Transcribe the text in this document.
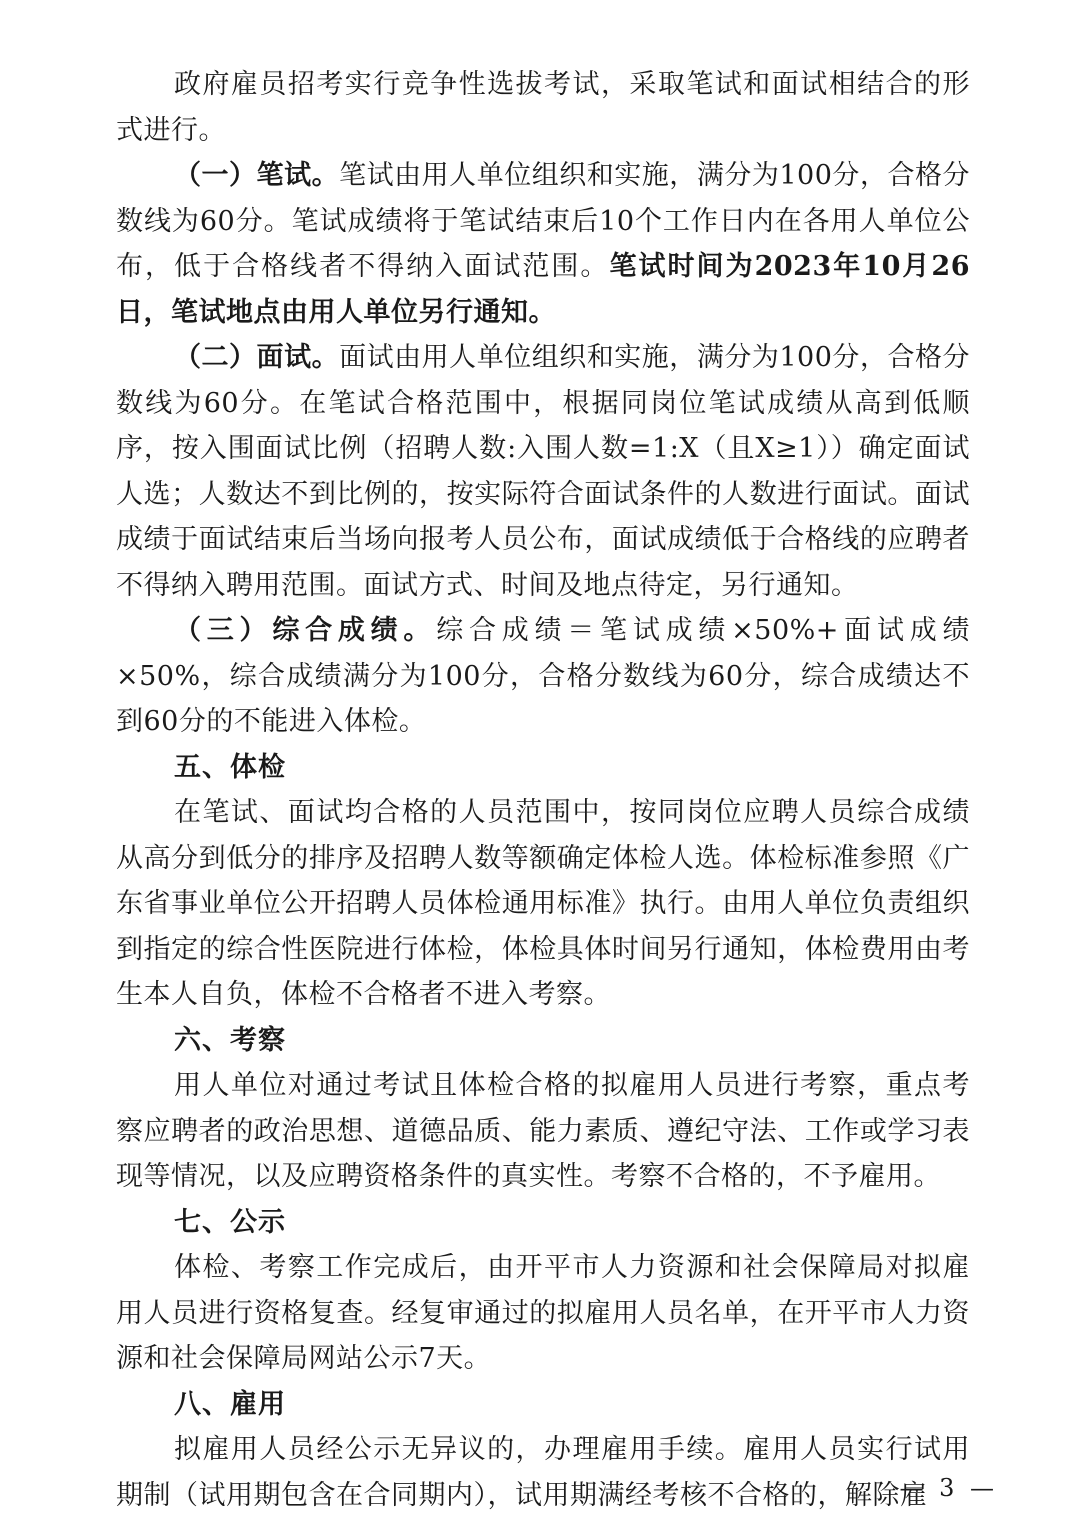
政府雇员招考实行竞争性选拔考试，采取笔试和面试相结合的形式进行。

（一）笔试。笔试由用人单位组织和实施，满分为100分，合格分数线为60分。笔试成绩将于笔试结束后10个工作日内在各用人单位公布，低于合格线者不得纳入面试范围。笔试时间为2023年10月26日，笔试地点由用人单位另行通知。

（二）面试。面试由用人单位组织和实施，满分为100分，合格分数线为60分。在笔试合格范围中，根据同岗位笔试成绩从高到低顺序，按入围面试比例（招聘人数:入围人数=1:X（且X≥1））确定面试人选；人数达不到比例的，按实际符合面试条件的人数进行面试。面试成绩于面试结束后当场向报考人员公布，面试成绩低于合格线的应聘者不得纳入聘用范围。面试方式、时间及地点待定，另行通知。

（三）综合成绩。综合成绩＝笔试成绩×50%+面试成绩×50%，综合成绩满分为100分，合格分数线为60分，综合成绩达不到60分的不能进入体检。

五、体检

在笔试、面试均合格的人员范围中，按同岗位应聘人员综合成绩从高分到低分的排序及招聘人数等额确定体检人选。体检标准参照《广东省事业单位公开招聘人员体检通用标准》执行。由用人单位负责组织到指定的综合性医院进行体检，体检具体时间另行通知，体检费用由考生本人自负，体检不合格者不进入考察。

六、考察

用人单位对通过考试且体检合格的拟雇用人员进行考察，重点考察应聘者的政治思想、道德品质、能力素质、遵纪守法、工作或学习表现等情况，以及应聘资格条件的真实性。考察不合格的，不予雇用。

七、公示

体检、考察工作完成后，由开平市人力资源和社会保障局对拟雇用人员进行资格复查。经复审通过的拟雇用人员名单，在开平市人力资源和社会保障局网站公示7天。

八、雇用

拟雇用人员经公示无异议的，办理雇用手续。雇用人员实行试用期制（试用期包含在合同期内），试用期满经考核不合格的，解除雇

— 3 —
